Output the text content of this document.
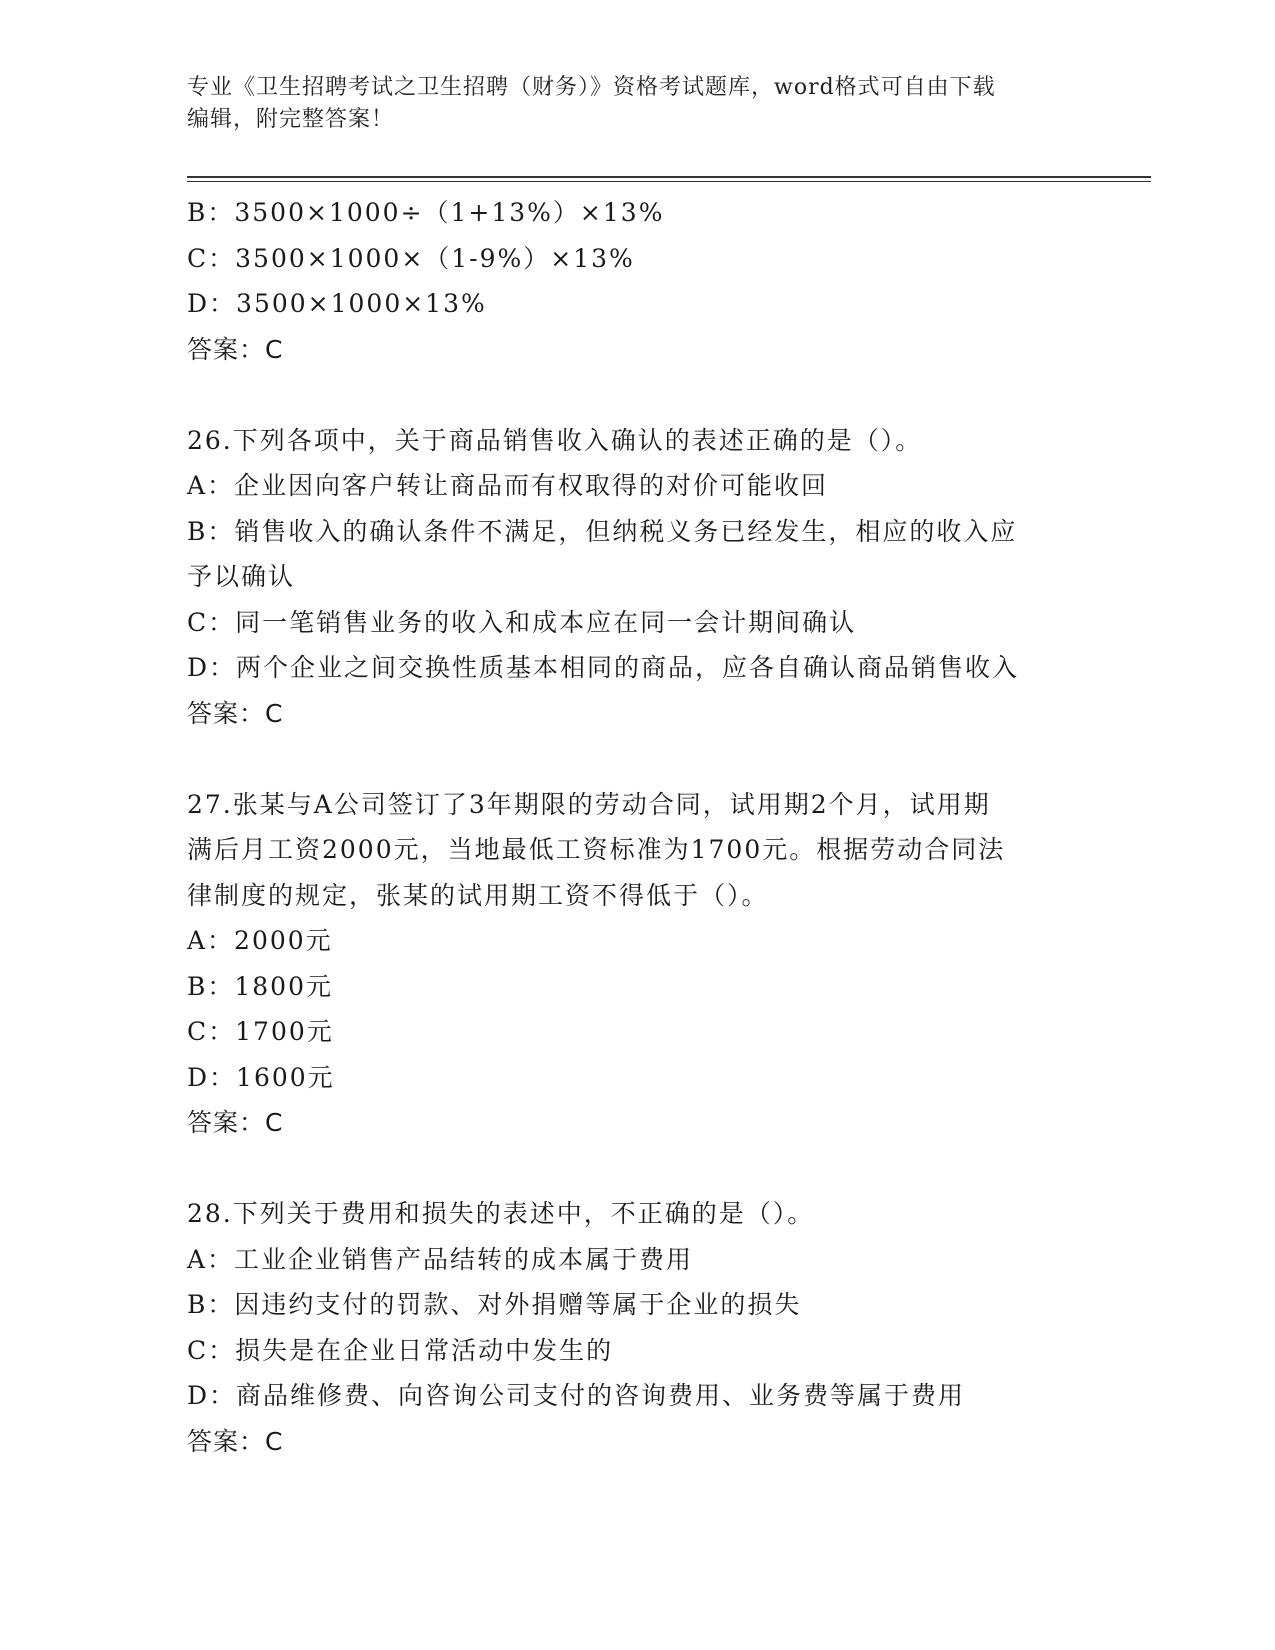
专业《卫生招聘考试之卫生招聘（财务）》资格考试题库，word格式可自由下载
编辑，附完整答案！
B：3500×1000÷（1+13%）×13%
C：3500×1000×（1-9%）×13%
D：3500×1000×13%
答案：C
26.下列各项中，关于商品销售收入确认的表述正确的是（）。
A：企业因向客户转让商品而有权取得的对价可能收回
B：销售收入的确认条件不满足，但纳税义务已经发生，相应的收入应
予以确认
C：同一笔销售业务的收入和成本应在同一会计期间确认
D：两个企业之间交换性质基本相同的商品，应各自确认商品销售收入
答案：C
27.张某与A公司签订了3年期限的劳动合同，试用期2个月，试用期
满后月工资2000元，当地最低工资标准为1700元。根据劳动合同法
律制度的规定，张某的试用期工资不得低于（）。
A：2000元
B：1800元
C：1700元
D：1600元
答案：C
28.下列关于费用和损失的表述中，不正确的是（）。
A：工业企业销售产品结转的成本属于费用
B：因违约支付的罚款、对外捐赠等属于企业的损失
C：损失是在企业日常活动中发生的
D：商品维修费、向咨询公司支付的咨询费用、业务费等属于费用
答案：C
